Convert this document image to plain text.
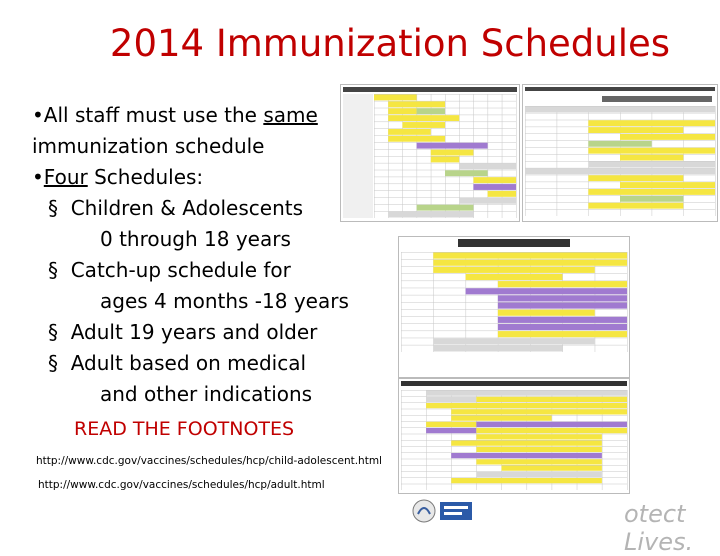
2014 Immunization Schedules
•All staff must use the same
immunization schedule
•Four Schedules:
§ Children & Adolescents
0 through 18 years
§ Catch-up schedule for
ages 4 months -18 years
§ Adult 19 years and older
§ Adult based on medical
and other indications
READ THE FOOTNOTES
http://www.cdc.gov/vaccines/schedules/hcp/child-adolescent.html
http://www.cdc.gov/vaccines/schedules/hcp/adult.html
otect Lives.
